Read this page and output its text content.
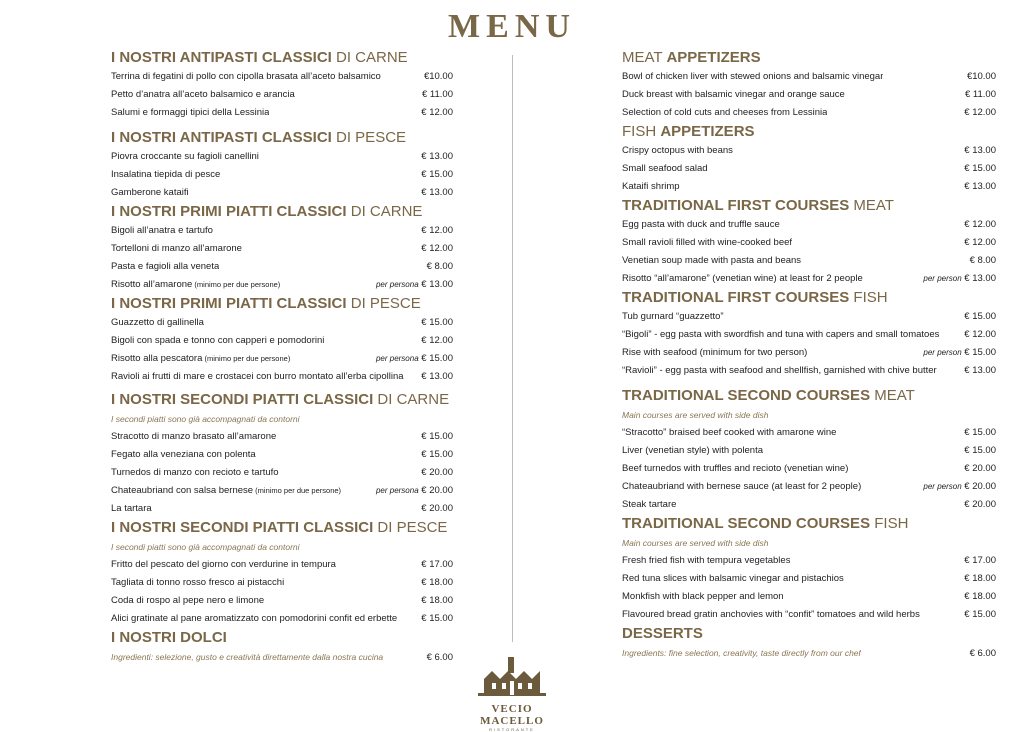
MENU
I NOSTRI ANTIPASTI CLASSICI DI CARNE
Terrina di fegatini di pollo con cipolla brasata all’aceto balsamico	€10.00
Petto d’anatra all’aceto balsamico e arancia	€ 11.00
Salumi e formaggi tipici della Lessinia	€ 12.00
I NOSTRI ANTIPASTI CLASSICI DI PESCE
Piovra croccante su fagioli canellini	€ 13.00
Insalatina tiepida di pesce	€ 15.00
Gamberone kataifi	€ 13.00
I NOSTRI PRIMI PIATTI CLASSICI DI CARNE
Bigoli all’anatra e tartufo	€ 12.00
Tortelloni di manzo all’amarone	€ 12.00
Pasta e fagioli alla veneta	€ 8.00
Risotto all’amarone (minimo per due persone)	per persona € 13.00
I NOSTRI PRIMI PIATTI CLASSICI DI PESCE
Guazzetto di gallinella	€ 15.00
Bigoli con spada e tonno con capperi e pomodorini	€ 12.00
Risotto alla pescatora (minimo per due persone)	per persona € 15.00
Ravioli ai frutti di mare e crostacei con burro montato all’erba cipollina € 13.00
I NOSTRI SECONDI PIATTI CLASSICI DI CARNE
I secondi piatti sono già accompagnati da contorni
Stracotto di manzo brasato all’amarone	€ 15.00
Fegato alla veneziana con polenta	€ 15.00
Turnedos di manzo con recioto e tartufo	€ 20.00
Chateaubriand con salsa bernese (minimo per due persone)	per persona € 20.00
La tartara	€ 20.00
I NOSTRI SECONDI PIATTI CLASSICI DI PESCE
I secondi piatti sono già accompagnati da contorni
Fritto del pescato del giorno con verdurine in tempura	€ 17.00
Tagliata di tonno rosso fresco ai pistacchi	€ 18.00
Coda di rospo al pepe nero e limone	€ 18.00
Alici gratinate al pane aromatizzato con pomodorini confit ed erbette	€ 15.00
I NOSTRI DOLCI
Ingredienti: selezione, gusto e creatività direttamente dalla nostra cucina	€ 6.00
MEAT APPETIZERS
Bowl of chicken liver with stewed onions and balsamic vinegar	€10.00
Duck breast with balsamic vinegar and orange sauce	€ 11.00
Selection of cold cuts and cheeses from Lessinia	€ 12.00
FISH APPETIZERS
Crispy octopus with beans	€ 13.00
Small seafood salad	€ 15.00
Kataifi shrimp	€ 13.00
TRADITIONAL FIRST COURSES MEAT
Egg pasta with duck and truffle sauce	€ 12.00
Small ravioli filled with wine-cooked beef	€ 12.00
Venetian soup made with pasta and beans	€ 8.00
Risotto “all’amarone” (venetian wine) at least for 2 people	per person € 13.00
TRADITIONAL FIRST COURSES FISH
Tub gurnard “guazzetto”	€ 15.00
“Bigoli” - egg pasta with swordfish and tuna with capers and small tomatoes	€ 12.00
Rise with seafood (minimum for two person)	per person € 15.00
“Ravioli” - egg pasta with seafood and shellfish, garnished with chive butter	€ 13.00
TRADITIONAL SECOND COURSES MEAT
Main courses are served with side dish
“Stracotto” braised beef cooked with amarone wine	€ 15.00
Liver (venetian style) with polenta	€ 15.00
Beef turnedos with truffles and recioto (venetian wine)	€ 20.00
Chateaubriand with bernese sauce (at least for 2 people)	per person € 20.00
Steak tartare	€ 20.00
TRADITIONAL SECOND COURSES FISH
Main courses are served with side dish
Fresh fried fish with tempura vegetables	€ 17.00
Red tuna slices with balsamic vinegar and pistachios	€ 18.00
Monkfish with black pepper and lemon	€ 18.00
Flavoured bread gratin anchovies with “confit” tomatoes and wild herbs	€ 15.00
DESSERTS
Ingredients: fine selection, creativity, taste directly from our chef	€ 6.00
VECIO MACELLO
RISTORANTE
